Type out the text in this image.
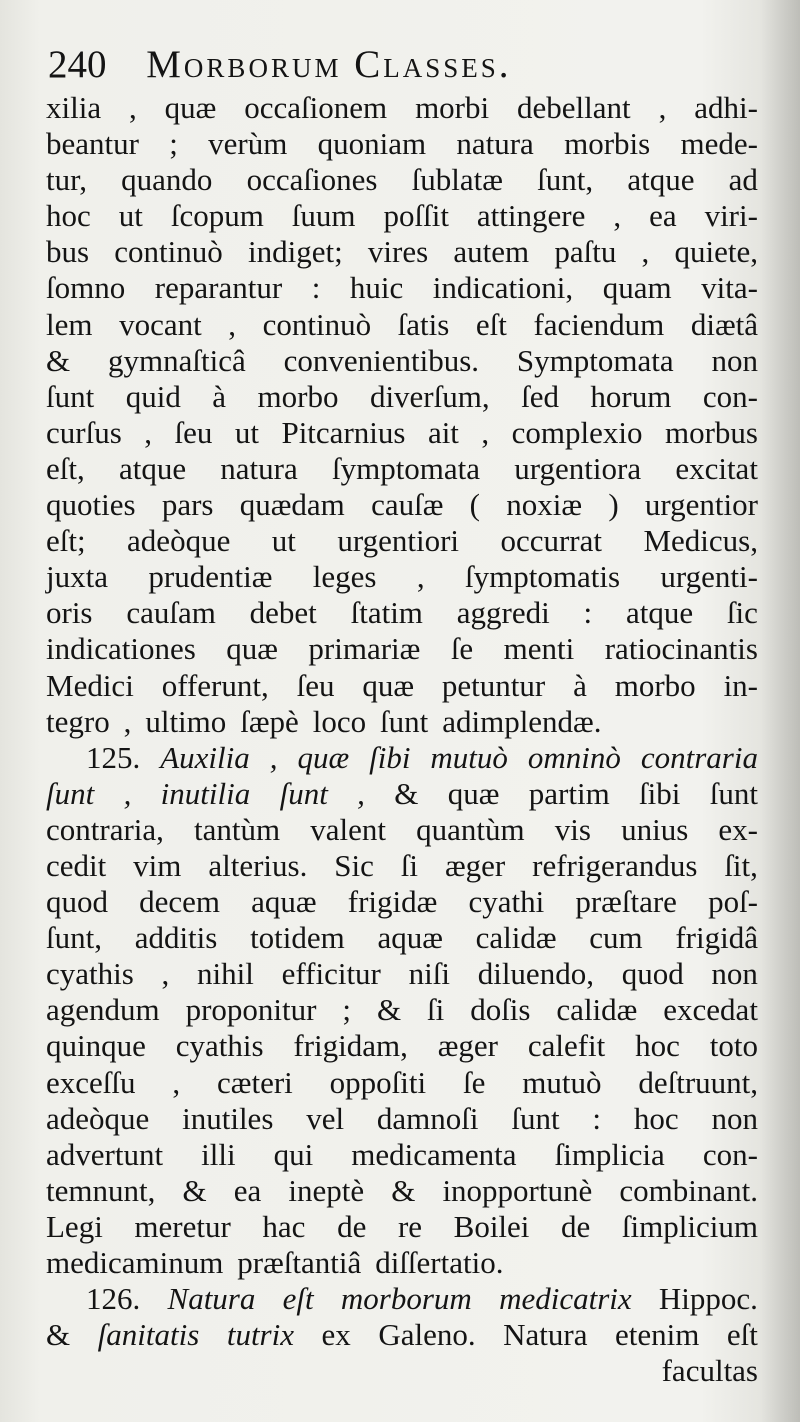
240 Morborum Classes.
xilia , quæ occaſionem morbi debellant , adhi-
beantur ; verùm quoniam natura morbis mede-
tur, quando occaſiones ſublatæ ſunt, atque ad
hoc ut ſcopum ſuum poſſit attingere , ea viri-
bus continuò indiget; vires autem paſtu , quiete,
ſomno reparantur : huic indicationi, quam vita-
lem vocant , continuò ſatis eſt faciendum diætâ
& gymnaſticâ convenientibus. Symptomata non
ſunt quid à morbo diverſum, ſed horum con-
curſus , ſeu ut Pitcarnius ait , complexio morbus
eſt, atque natura ſymptomata urgentiora excitat
quoties pars quædam cauſæ ( noxiæ ) urgentior
eſt; adeòque ut urgentiori occurrat Medicus,
juxta prudentiæ leges , ſymptomatis urgenti-
oris cauſam debet ſtatim aggredi : atque ſic
indicationes quæ primariæ ſe menti ratiocinantis
Medici offerunt, ſeu quæ petuntur à morbo in-
tegro , ultimo ſæpè loco ſunt adimplendæ.
125. Auxilia , quæ ſibi mutuò omninò contraria
ſunt , inutilia ſunt , & quæ partim ſibi ſunt
contraria, tantùm valent quantùm vis unius ex-
cedit vim alterius. Sic ſi æger refrigerandus ſit,
quod decem aquæ frigidæ cyathi præſtare poſ-
ſunt, additis totidem aquæ calidæ cum frigidâ
cyathis , nihil efficitur niſi diluendo, quod non
agendum proponitur ; & ſi doſis calidæ excedat
quinque cyathis frigidam, æger calefit hoc toto
exceſſu , cæteri oppoſiti ſe mutuò deſtruunt,
adeòque inutiles vel damnoſi ſunt : hoc non
advertunt illi qui medicamenta ſimplicia con-
temnunt, & ea ineptè & inopportunè combinant.
Legi meretur hac de re Boilei de ſimplicium
medicaminum præſtantiâ diſſertatio.
126. Natura eſt morborum medicatrix Hippoc.
& ſanitatis tutrix ex Galeno. Natura etenim eſt
facultas
